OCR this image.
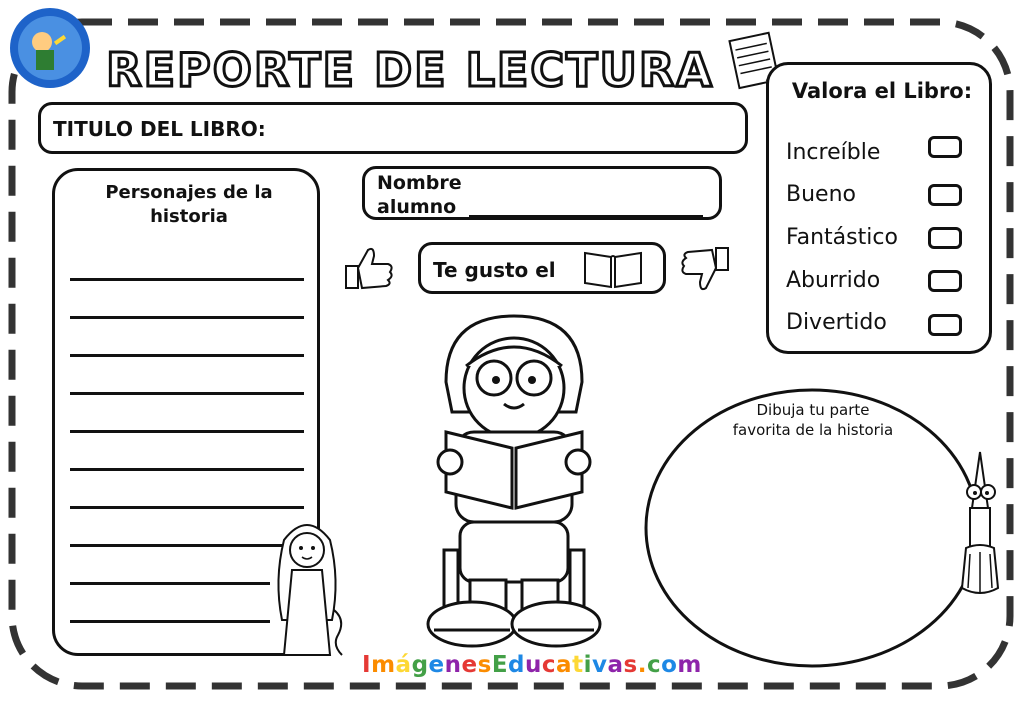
REPORTE DE LECTURA
TITULO DEL LIBRO:
Valora el Libro:
Increíble
Bueno
Fantástico
Aburrido
Divertido
Personajes de la historia
Nombre
alumno
Te gusto el
Dibuja tu parte
favorita de la historia
ImágenesEducativas.com
